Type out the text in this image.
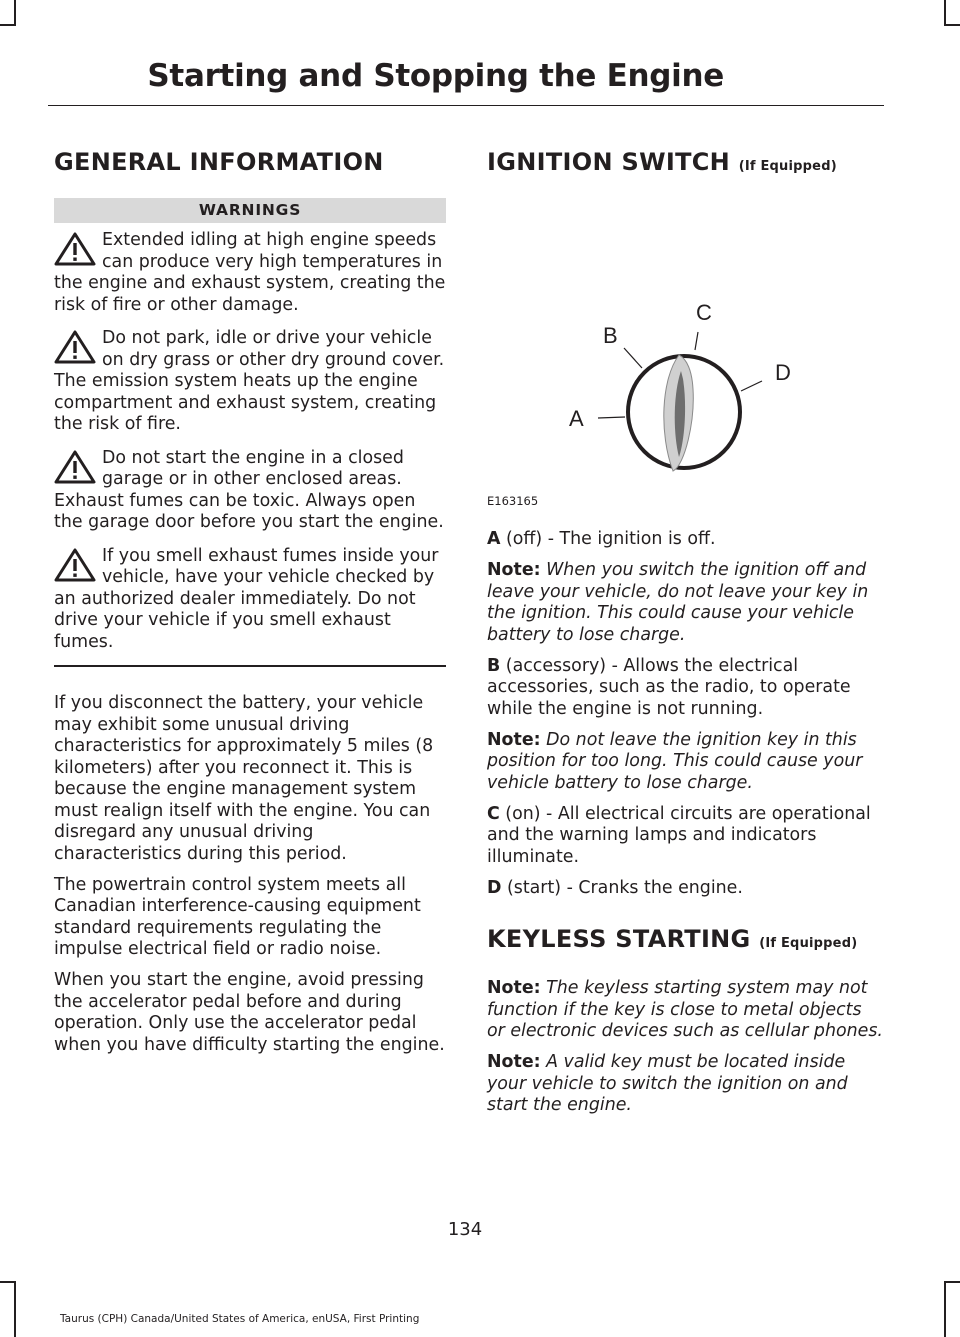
Starting and Stopping the Engine
GENERAL INFORMATION
WARNINGS
Extended idling at high engine speeds can produce very high temperatures in the engine and exhaust system, creating the risk of fire or other damage.
Do not park, idle or drive your vehicle on dry grass or other dry ground cover. The emission system heats up the engine compartment and exhaust system, creating the risk of fire.
Do not start the engine in a closed garage or in other enclosed areas. Exhaust fumes can be toxic. Always open the garage door before you start the engine.
If you smell exhaust fumes inside your vehicle, have your vehicle checked by an authorized dealer immediately. Do not drive your vehicle if you smell exhaust fumes.

If you disconnect the battery, your vehicle may exhibit some unusual driving characteristics for approximately 5 miles (8 kilometers) after you reconnect it. This is because the engine management system must realign itself with the engine. You can disregard any unusual driving characteristics during this period.

The powertrain control system meets all Canadian interference-causing equipment standard requirements regulating the impulse electrical field or radio noise.

When you start the engine, avoid pressing the accelerator pedal before and during operation. Only use the accelerator pedal when you have difficulty starting the engine.

IGNITION SWITCH (If Equipped)
A
B
C
D
E163165

A (off) - The ignition is off.

Note: When you switch the ignition off and leave your vehicle, do not leave your key in the ignition. This could cause your vehicle battery to lose charge.

B (accessory) - Allows the electrical accessories, such as the radio, to operate while the engine is not running.

Note: Do not leave the ignition key in this position for too long. This could cause your vehicle battery to lose charge.

C (on) - All electrical circuits are operational and the warning lamps and indicators illuminate.

D (start) - Cranks the engine.

KEYLESS STARTING (If Equipped)

Note: The keyless starting system may not function if the key is close to metal objects or electronic devices such as cellular phones.

Note: A valid key must be located inside your vehicle to switch the ignition on and start the engine.

134
Taurus (CPH) Canada/United States of America, enUSA, First Printing
